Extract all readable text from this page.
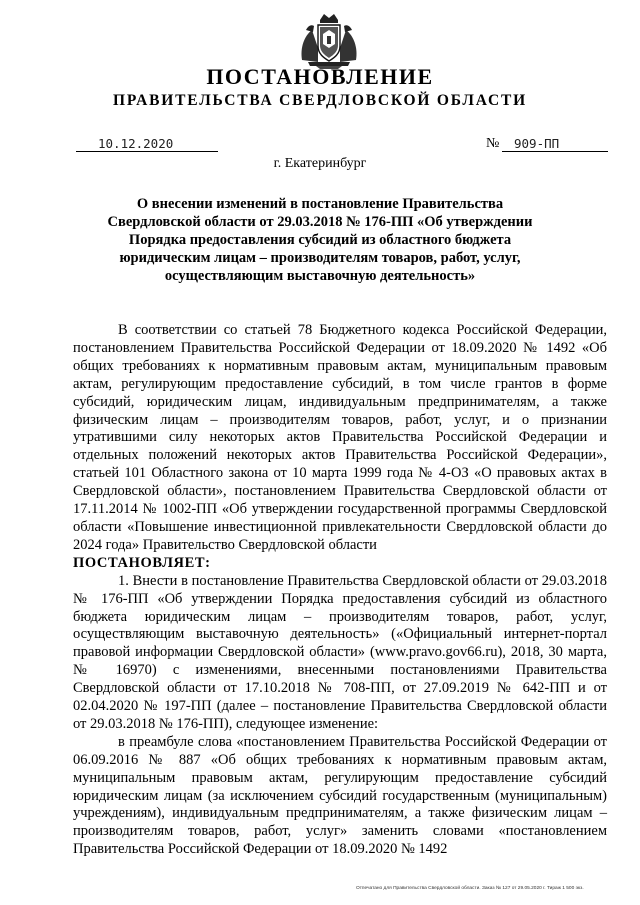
ПОСТАНОВЛЕНИЕ
ПРАВИТЕЛЬСТВА СВЕРДЛОВСКОЙ ОБЛАСТИ
10.12.2020	№	909-ПП
г. Екатеринбург
О внесении изменений в постановление Правительства Свердловской области от 29.03.2018 № 176-ПП «Об утверждении Порядка предоставления субсидий из областного бюджета юридическим лицам – производителям товаров, работ, услуг, осуществляющим выставочную деятельность»

В соответствии со статьей 78 Бюджетного кодекса Российской Федерации, постановлением Правительства Российской Федерации от 18.09.2020 № 1492 «Об общих требованиях к нормативным правовым актам, муниципальным правовым актам, регулирующим предоставление субсидий, в том числе грантов в форме субсидий, юридическим лицам, индивидуальным предпринимателям, а также физическим лицам – производителям товаров, работ, услуг, и о признании утратившими силу некоторых актов Правительства Российской Федерации и отдельных положений некоторых актов Правительства Российской Федерации», статьей 101 Областного закона от 10 марта 1999 года № 4-ОЗ «О правовых актах в Свердловской области», постановлением Правительства Свердловской области от 17.11.2014 № 1002-ПП «Об утверждении государственной программы Свердловской области «Повышение инвестиционной привлекательности Свердловской области до 2024 года» Правительство Свердловской области

ПОСТАНОВЛЯЕТ:

1. Внести в постановление Правительства Свердловской области от 29.03.2018 № 176-ПП «Об утверждении Порядка предоставления субсидий из областного бюджета юридическим лицам – производителям товаров, работ, услуг, осуществляющим выставочную деятельность» («Официальный интернет-портал правовой информации Свердловской области» (www.pravo.gov66.ru), 2018, 30 марта, № 16970) с изменениями, внесенными постановлениями Правительства Свердловской области от 17.10.2018 № 708-ПП, от 27.09.2019 № 642-ПП и от 02.04.2020 № 197-ПП (далее – постановление Правительства Свердловской области от 29.03.2018 № 176-ПП), следующее изменение:

в преамбуле слова «постановлением Правительства Российской Федерации от 06.09.2016 № 887 «Об общих требованиях к нормативным правовым актам, муниципальным правовым актам, регулирующим предоставление субсидий юридическим лицам (за исключением субсидий государственным (муниципальным) учреждениям), индивидуальным предпринимателям, а также физическим лицам – производителям товаров, работ, услуг» заменить словами «постановлением Правительства Российской Федерации от 18.09.2020 № 1492

Отпечатано для Правительства Свердловской области. Заказ № 127 от 29.05.2020 г. Тираж 1 500 экз.
